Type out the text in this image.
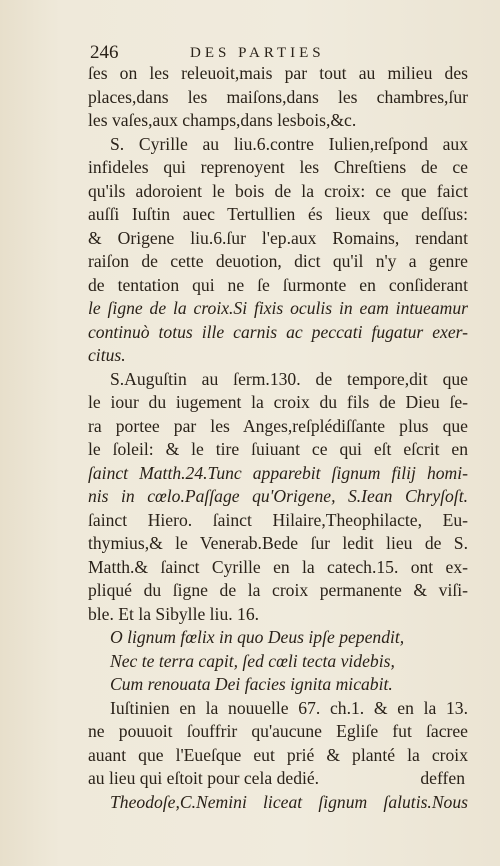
246	DES PARTIES
ſes on les releuoit,mais par tout au milieu des
places,dans les maiſons,dans les chambres,ſur
les vaſes,aux champs,dans lesbois,&c.
S. Cyrille au liu.6.contre Iulien,reſpond aux
infideles qui reprenoyent les Chreſtiens de ce
qu'ils adoroient le bois de la croix: ce que faict
auſſi Iuſtin auec Tertullien és lieux que deſſus:
& Origene liu.6.ſur l'ep.aux Romains, rendant
raiſon de cette deuotion, dict qu'il n'y a genre
de tentation qui ne ſe ſurmonte en conſiderant
le ſigne de la croix.Si fixis oculis in eam intueamur
continuò totus ille carnis ac peccati fugatur exer-
citus.
S.Auguſtin au ſerm.130. de tempore,dit que
le iour du iugement la croix du fils de Dieu ſe-
ra portee par les Anges,reſplédiſſante plus que
le ſoleil: & le tire ſuiuant ce qui eſt eſcrit en
ſainct Matth.24.Tunc apparebit ſignum filij homi-
nis in cœlo.Paſſage qu'Origene, S.Iean Chryſoſt.
ſainct Hiero. ſainct Hilaire,Theophilacte, Eu-
thymius,& le Venerab.Bede ſur ledit lieu de S.
Matth.& ſainct Cyrille en la catech.15. ont ex-
pliqué du ſigne de la croix permanente & viſi-
ble. Et la Sibylle liu. 16.
O lignum fœlix in quo Deus ipſe pependit,
Nec te terra capit, ſed cœli tecta videbis,
Cum renouata Dei facies ignita micabit.
Iuſtinien en la nouuelle 67. ch.1. & en la 13.
ne pouuoit ſouffrir qu'aucune Egliſe fut ſacree
auant que l'Eueſque eut prié & planté la croix
au lieu qui eſtoit pour cela dedié.
Theodoſe,C.Nemini liceat ſignum ſalutis.Nous
deffen
